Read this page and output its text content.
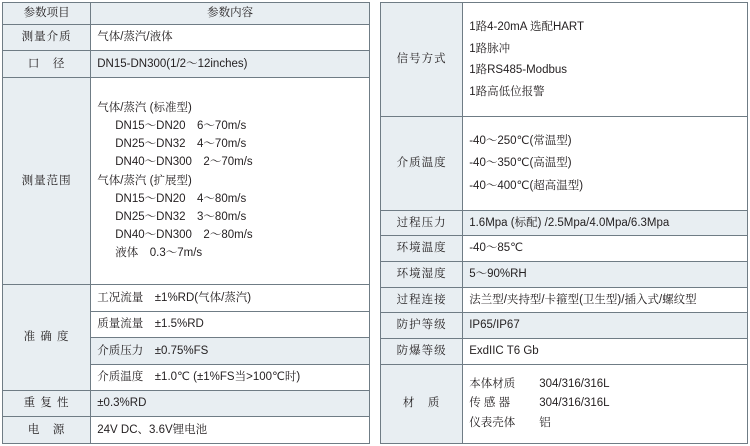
参数项目	参数内容
测量介质	气体/蒸汽/液体
口　径	DN15-DN300(1/2～12inches)
测量范围	
气体/蒸汽 (标准型)
DN15～DN20　6～70m/s
DN25～DN32　4～70m/s
DN40～DN300　2～70m/s
气体/蒸汽 (扩展型)
DN15～DN20　4～80m/s
DN25～DN32　3～80m/s
DN40～DN300　2～80m/s
液体　0.3～7m/s

准 确 度	工况流量　±1%RD(气体/蒸汽)
	质量流量　±1.5%RD
	介质压力　±0.75%FS
	介质温度　±1.0℃ (±1%FS当>100℃时)
重 复 性	±0.3%RD
电　源	24V DC、3.6V锂电池
信号方式	1路4-20mA 选配HART
1路脉冲
1路RS485-Modbus
1路高低位报警

介质温度	-40～250℃(常温型)
-40～350℃(高温型)
-40～400℃(超高温型)

过程压力	1.6Mpa (标配) /2.5Mpa/4.0Mpa/6.3Mpa
环境温度	-40～85℃
环境湿度	5～90%RH
过程连接	法兰型/夹持型/卡箍型(卫生型)/插入式/螺纹型
防护等级	IP65/IP67
防爆等级	ExdIIC T6 Gb
材　质	本体材质 304/316/316L
传 感 器 304/316/316L
仪表壳体 铝
